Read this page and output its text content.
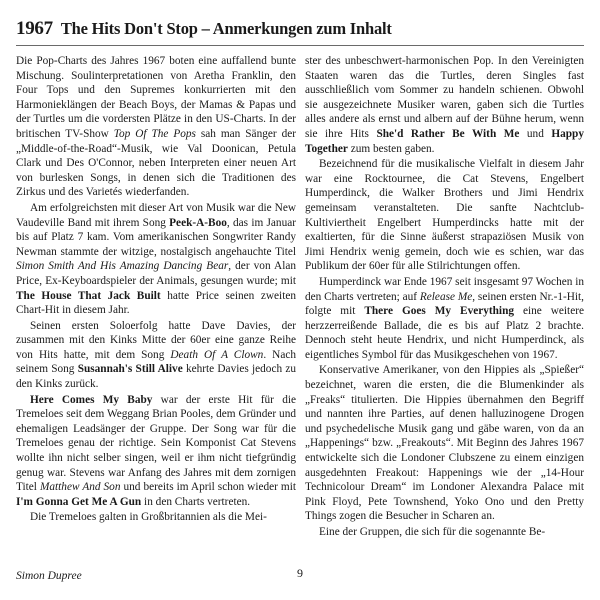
1967 The Hits Don't Stop – Anmerkungen zum Inhalt

Die Pop-Charts des Jahres 1967 boten eine auffallend bunte Mischung. Soulinterpretationen von Aretha Franklin, den Four Tops und den Supremes konkurrierten mit den Harmonieklängen der Beach Boys, der Mamas & Papas und der Turtles um die vordersten Plätze in den US-Charts. In der britischen TV-Show Top Of The Pops sah man Sänger der „Middle-of-the-Road“-Musik, wie Val Doonican, Petula Clark und Des O'Connor, neben Interpreten einer neuen Art von burlesken Songs, in denen sich die Traditionen des Zirkus und des Varietés wiederfanden.

Am erfolgreichsten mit dieser Art von Musik war die New Vaudeville Band mit ihrem Song Peek-A-Boo, das im Januar bis auf Platz 7 kam. Vom amerikanischen Songwriter Randy Newman stammte der witzige, nostalgisch angehauchte Titel Simon Smith And His Amazing Dancing Bear, der von Alan Price, Ex-Keyboardspieler der Animals, gesungen wurde; mit The House That Jack Built hatte Price seinen zweiten Chart-Hit in diesem Jahr.

Seinen ersten Soloerfolg hatte Dave Davies, der zusammen mit den Kinks Mitte der 60er eine ganze Reihe von Hits hatte, mit dem Song Death Of A Clown. Nach seinem Song Susannah's Still Alive kehrte Davies jedoch zu den Kinks zurück.

Here Comes My Baby war der erste Hit für die Tremeloes seit dem Weggang Brian Pooles, dem Gründer und ehemaligen Leadsänger der Gruppe. Der Song war für die Tremeloes genau der richtige. Sein Komponist Cat Stevens wollte ihn nicht selber singen, weil er ihm nicht tiefgründig genug war. Stevens war Anfang des Jahres mit dem zornigen Titel Matthew And Son und bereits im April schon wieder mit I'm Gonna Get Me A Gun in den Charts vertreten.

Die Tremeloes galten in Großbritannien als die Mei-

ster des unbeschwert-harmonischen Pop. In den Vereinigten Staaten waren das die Turtles, deren Singles fast ausschließlich vom Sommer zu handeln schienen. Obwohl sie ausgezeichnete Musiker waren, gaben sich die Turtles alles andere als ernst und albern auf der Bühne herum, wenn sie ihre Hits She'd Rather Be With Me und Happy Together zum besten gaben.

Bezeichnend für die musikalische Vielfalt in diesem Jahr war eine Rocktournee, die Cat Stevens, Engelbert Humperdinck, die Walker Brothers und Jimi Hendrix gemeinsam veranstalteten. Die sanfte Nachtclub-Kultiviertheit Engelbert Humperdincks hatte mit der exaltierten, für die Sinne äußerst strapaziösen Musik von Jimi Hendrix wenig gemein, doch wie es schien, war das Publikum der 60er für alle Stilrichtungen offen.

Humperdinck war Ende 1967 seit insgesamt 97 Wochen in den Charts vertreten; auf Release Me, seinen ersten Nr.-1-Hit, folgte mit There Goes My Everything eine weitere herzzerreißende Ballade, die es bis auf Platz 2 brachte. Dennoch steht heute Hendrix, und nicht Humperdinck, als eigentliches Symbol für das Musikgeschehen von 1967.

Konservative Amerikaner, von den Hippies als „Spießer“ bezeichnet, waren die ersten, die die Blumenkinder als „Freaks“ titulierten. Die Hippies übernahmen den Begriff und nannten ihre Parties, auf denen halluzinogene Drogen und psychedelische Musik gang und gäbe waren, von da an „Happenings“ bzw. „Freakouts“. Mit Beginn des Jahres 1967 entwickelte sich die Londoner Clubszene zu einem einzigen ausgedehnten Freakout: Happenings wie der „14-Hour Technicolour Dream“ im Londoner Alexandra Palace mit Pink Floyd, Pete Townshend, Yoko Ono und den Pretty Things zogen die Besucher in Scharen an.

Eine der Gruppen, die sich für die sogenannte Be-

Simon Dupree	9
